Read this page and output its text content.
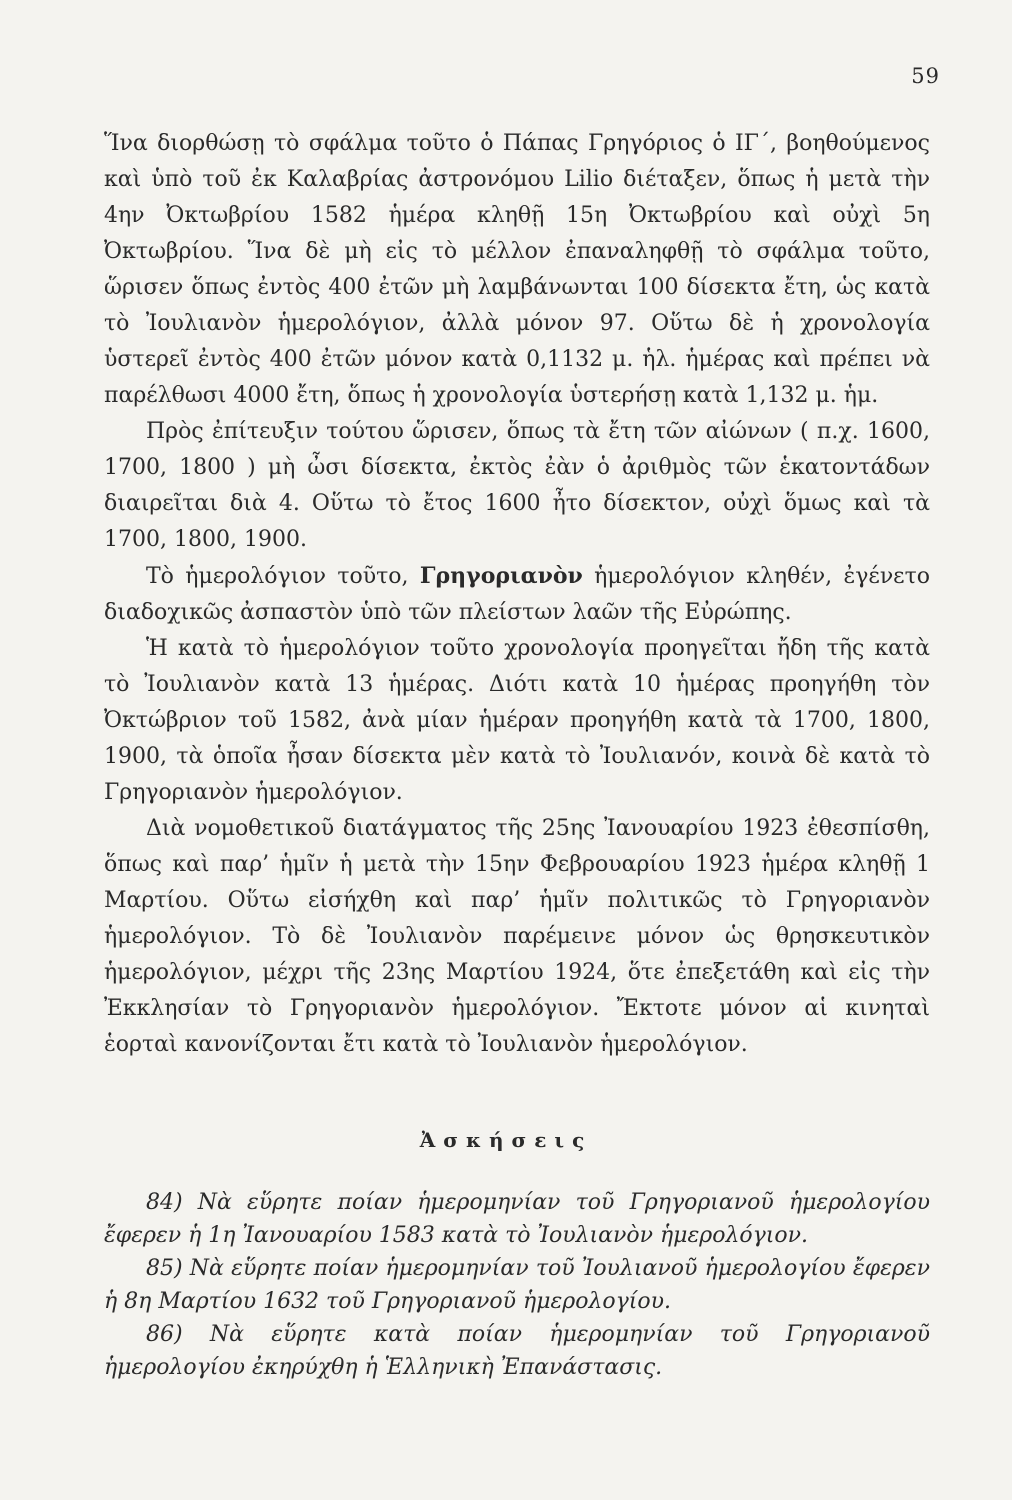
59

Ἵνα διορθώσῃ τὸ σφάλμα τοῦτο ὁ Πάπας Γρηγόριος ὁ ΙΓ΄, βοηθούμενος καὶ ὑπὸ τοῦ ἐκ Καλαβρίας ἀστρονόμου Lilio διέταξεν, ὅπως ἡ μετὰ τὴν 4ην Ὀκτωβρίου 1582 ἡμέρα κληθῇ 15η Ὀκτωβρίου καὶ οὐχὶ 5η Ὀκτωβρίου. Ἵνα δὲ μὴ εἰς τὸ μέλλον ἐπαναληφθῇ τὸ σφάλμα τοῦτο, ὥρισεν ὅπως ἐντὸς 400 ἐτῶν μὴ λαμβάνωνται 100 δίσεκτα ἔτη, ὡς κατὰ τὸ Ἰουλιανὸν ἡμερολόγιον, ἀλλὰ μόνον 97. Οὕτω δὲ ἡ χρονολογία ὑστερεῖ ἐντὸς 400 ἐτῶν μόνον κατὰ 0,1132 μ. ἡλ. ἡμέρας καὶ πρέπει νὰ παρέλθωσι 4000 ἔτη, ὅπως ἡ χρονολογία ὑστερήσῃ κατὰ 1,132 μ. ἡμ.

Πρὸς ἐπίτευξιν τούτου ὥρισεν, ὅπως τὰ ἔτη τῶν αἰώνων ( π.χ. 1600, 1700, 1800 ) μὴ ὦσι δίσεκτα, ἐκτὸς ἐὰν ὁ ἀριθμὸς τῶν ἑκατοντάδων διαιρεῖται διὰ 4. Οὕτω τὸ ἔτος 1600 ἦτο δίσεκτον, οὐχὶ ὅμως καὶ τὰ 1700, 1800, 1900.

Τὸ ἡμερολόγιον τοῦτο, Γρηγοριανὸν ἡμερολόγιον κληθέν, ἐγένετο διαδοχικῶς ἀσπαστὸν ὑπὸ τῶν πλείστων λαῶν τῆς Εὐρώπης.

Ἡ κατὰ τὸ ἡμερολόγιον τοῦτο χρονολογία προηγεῖται ἤδη τῆς κατὰ τὸ Ἰουλιανὸν κατὰ 13 ἡμέρας. Διότι κατὰ 10 ἡμέρας προηγήθη τὸν Ὀκτώβριον τοῦ 1582, ἀνὰ μίαν ἡμέραν προηγήθη κατὰ τὰ 1700, 1800, 1900, τὰ ὁποῖα ἦσαν δίσεκτα μὲν κατὰ τὸ Ἰουλιανόν, κοινὰ δὲ κατὰ τὸ Γρηγοριανὸν ἡμερολόγιον.

Διὰ νομοθετικοῦ διατάγματος τῆς 25ης Ἰανουαρίου 1923 ἐθεσπίσθη, ὅπως καὶ παρ’ ἡμῖν ἡ μετὰ τὴν 15ην Φεβρουαρίου 1923 ἡμέρα κληθῇ 1 Μαρτίου. Οὕτω εἰσήχθη καὶ παρ’ ἡμῖν πολιτικῶς τὸ Γρηγοριανὸν ἡμερολόγιον. Τὸ δὲ Ἰουλιανὸν παρέμεινε μόνον ὡς θρησκευτικὸν ἡμερολόγιον, μέχρι τῆς 23ης Μαρτίου 1924, ὅτε ἐπεξετάθη καὶ εἰς τὴν Ἐκκλησίαν τὸ Γρηγοριανὸν ἡμερολόγιον. Ἔκτοτε μόνον αἱ κινηταὶ ἑορταὶ κανονίζονται ἔτι κατὰ τὸ Ἰουλιανὸν ἡμερολόγιον.

Ἀσκήσεις

84) Νὰ εὕρητε ποίαν ἡμερομηνίαν τοῦ Γρηγοριανοῦ ἡμερολογίου ἔφερεν ἡ 1η Ἰανουαρίου 1583 κατὰ τὸ Ἰουλιανὸν ἡμερολόγιον.

85) Νὰ εὕρητε ποίαν ἡμερομηνίαν τοῦ Ἰουλιανοῦ ἡμερολογίου ἔφερεν ἡ 8η Μαρτίου 1632 τοῦ Γρηγοριανοῦ ἡμερολογίου.

86) Νὰ εὕρητε κατὰ ποίαν ἡμερομηνίαν τοῦ Γρηγοριανοῦ ἡμερολογίου ἐκηρύχθη ἡ Ἑλληνικὴ Ἐπανάστασις.
